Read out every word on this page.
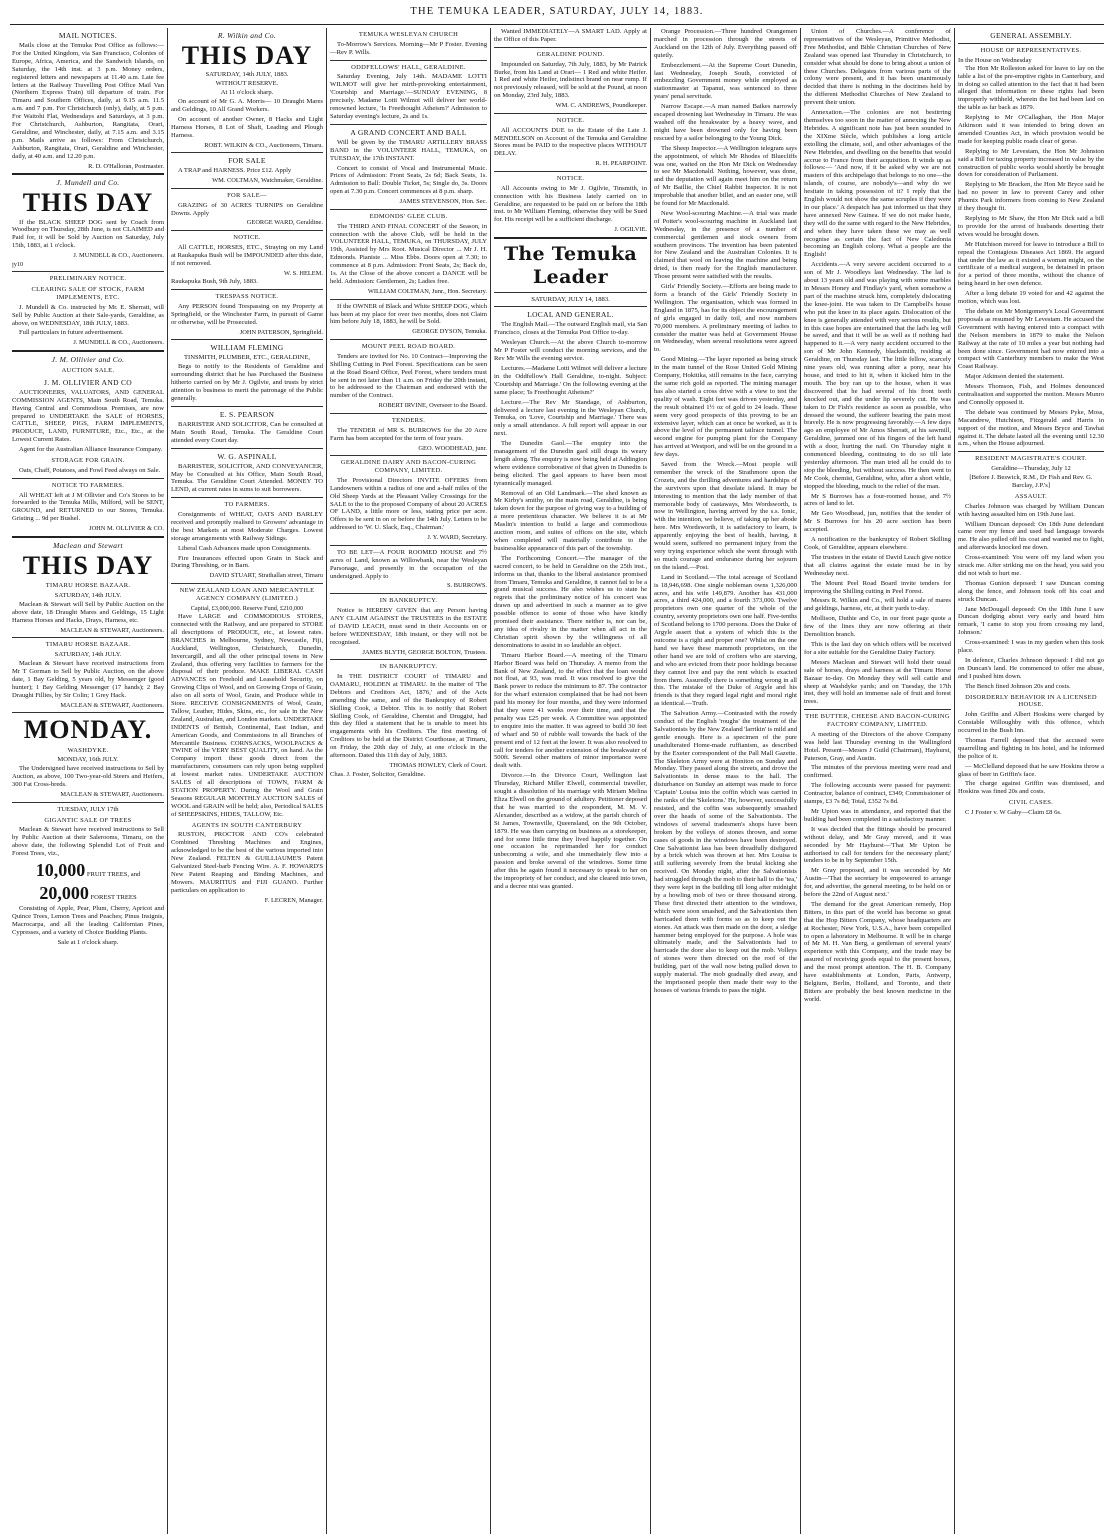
THE TEMUKA LEADER, SATURDAY, JULY 14, 1883.
MAIL NOTICES.

Mails close at the Temuka Post Office as follows:— For the United Kingdom, via San Francisco, Colonies of Europe, Africa, America, and the Sandwich Islands, on Saturday, the 14th inst. at 3 p.m. Money orders, registered letters and newspapers at 11.40 a.m. Late fee letters at the Railway Travelling Post Office Mail Van (Northern Express Train) till departure of train. For Timaru and Southern Offices, daily, at 9.15 a.m. 11.5 a.m. and 7 p.m. For Christchurch (only), daily, at 5 p.m. For Waitohi Flat, Wednesdays and Saturdays, at 3 p.m. For Christchurch, Ashburton, Rangitata, Orari, Geraldine, and Winchester, daily, at 7.15 a.m. and 3.15 p.m. Mails arrive as follows: From Christchurch, Ashburton, Rangitata, Orari, Geraldine and Winchester, daily, at 40 a.m. and 12.20 p.m.

R. D. O'Halloran, Postmaster.
J. Mundell and Co.
THIS DAY

If the BLACK SHEEP DOG sent by Coach from Woodbury on Thursday, 28th June, is not CLAIMED and Paid for, it will be Sold by Auction on Saturday, July 15th, 1883, at 1 o'clock.

J. MUNDELL & CO., Auctioneers.
jy10
PRELIMINARY NOTICE.
CLEARING SALE OF STOCK, FARM IMPLEMENTS, ETC.

J. Mundell & Co. instructed by Mr. E. Sherratt, will Sell by Public Auction at their Sale-yards, Geraldine, as above, on WEDNESDAY, 18th JULY, 1883.

Full particulars in future advertisement.

J. MUNDELL & CO., Auctioneers.
J. M. Ollivier and Co.
AUCTION SALE.
J. M. OLLIVIER AND CO

AUCTIONEERS, VALUATORS, AND GENERAL COMMISSION AGENTS, Main South Road, Temuka. Having Central and Commodious Premises, are now prepared to UNDERTAKE the SALE of HORSES, CATTLE, SHEEP, PIGS, FARM IMPLEMENTS, PRODUCE, LAND, FURNITURE, Etc., Etc., at the Lowest Current Rates.

Agent for the Australian Alliance Insurance Company.

STORAGE FOR GRAIN.

Oats, Chaff, Potatoes, and Fowl Feed always on Sale.

NOTICE TO FARMERS.

All WHEAT left at J M Ollivier and Co's Stores to be forwarded to the Temuka Mills, Milford, will be SENT, GROUND, and RETURNED to our Stores, Temuka. Gristing ... 9d per Bushel.

JOHN M. OLLIVIER & CO.
Maclean and Stewart
THIS DAY
TIMARU HORSE BAZAAR.
SATURDAY, 14th JULY.

Maclean & Stewart will Sell by Public Auction on the above date, 18 Draught Mares and Geldings, 15 Light Harness Horses and Hacks, Drays, Harness, etc.

MACLEAN & STEWART, Auctioneers.
TIMARU HORSE BAZAAR.
SATURDAY, 14th JULY.

Maclean & Stewart have received instructions from Mr T Gorman to Sell by Public Auction, on the above date, 1 Bay Gelding, 5 years old, by Messenger (good hunter); 1 Bay Gelding Messenger (17 hands); 2 Bay Draught Fillies, by Sir Colin; 1 Grey Hack.

MACLEAN & STEWART, Auctioneers.
MONDAY.
WASHDYKE.
MONDAY, 16th JULY.

The Undersigned have received instructions to Sell by Auction, as above, 100 Two-year-old Steers and Heifers, 300 Fat Cross-breds.

MACLEAN & STEWART, Auctioneers.
TUESDAY, JULY 17th
GIGANTIC SALE OF TREES

Maclean & Stewart have received instructions to Sell by Public Auction at their Salerooms, Timaru, on the above date, the following Splendid Lot of Fruit and Forest Trees, viz.,

10,000 FRUIT TREES, and
20,000 FOREST TREES

Consisting of Apple, Pear, Plum, Cherry, Apricot and Quince Trees, Lemon Trees and Peaches; Pinus Insignis, Macrocarpa, and all the leading Californian Pines, Cypresses, and a variety of Choice Budding Plants.

Sale at 1 o'clock sharp.
R. Wilkin and Co.
THIS DAY
SATURDAY, 14th JULY, 1883.
WITHOUT RESERVE.
At 11 o'clock sharp.

On account of Mr G. A. Morris— 10 Draught Mares and Geldings, 10 All Grand Workers.

On account of another Owner, 8 Hacks and Light Harness Horses, 8 Lot of Shaft, Leading and Plough Harness.

ROBT. WILKIN & CO., Auctioneers, Timaru.
FOR SALE

A TRAP and HARNESS. Price £12. Apply

WM. COLTMAN, Watchmaker, Geraldine.
FOR SALE—

GRAZING of 30 ACRES TURNIPS on Geraldine Downs. Apply

GEORGE WARD, Geraldine.
NOTICE.

All CATTLE, HORSES, ETC., Straying on my Land at Raukapuka Bush will be IMPOUNDED after this date, if not removed.

W. S. HELEM.
Raukapuka Bush, 9th July, 1883.
TRESPASS NOTICE.

Any PERSON found Trespassing on my Property at Springfield, or the Winchester Farm, in pursuit of Game or otherwise, will be Prosecuted.

JOHN PATERSON, Springfield.
WILLIAM FLEMING
TINSMITH, PLUMBER, ETC., GERALDINE,

Begs to notify to the Residents of Geraldine and surrounding district that he has Purchased the Business hitherto carried on by Mr J. Ogilvie, and trusts by strict attention to business to merit the patronage of the Public generally.

E. S. PEARSON

BARRISTER AND SOLICITOR, Can be consulted at Main South Road, Temuka. The Geraldine Court attended every Court day.

W. G. ASPINALL

BARRISTER, SOLICITOR, AND CONVEYANCER, May be Consulted at his Office, Main South Road, Temuka. The Geraldine Court Attended. MONEY TO LEND, at current rates in sums to suit borrowers.

TO FARMERS.

Consignments of WHEAT, OATS AND BARLEY received and promptly realised to Growers' advantage in the best Markets at most Moderate Charges. Lowest storage arrangements with Railway Sidings.

Liberal Cash Advances made upon Consignments.

Fire Insurances effected upon Grain in Stack and During Threshing, or in Barn.

DAVID STUART, Strathallan street, Timaru
NEW ZEALAND LOAN AND MERCANTILE AGENCY COMPANY (LIMITED.)
Capital, £3,000,000. Reserve Fund, £210,000

Have LARGE and COMMODIOUS STORES, connected with the Railway, and are prepared to STORE all descriptions of PRODUCE, etc., at lowest rates. BRANCHES in Melbourne, Sydney, Newcastle, Fiji, Auckland, Wellington, Christchurch, Dunedin, Invercargill, and all the other principal towns in New Zealand, thus offering very facilities to farmers for the disposal of their produce. MAKE LIBERAL CASH ADVANCES on Freehold and Leasehold Security, on Growing Clips of Wool, and on Growing Crops of Grain, also on all sorts of Wool, Grain, and Produce while in Store. RECEIVE CONSIGNMENTS of Wool, Grain, Tallow, Leather, Hides, Skins, etc., for sale in the New Zealand, Australian, and London markets. UNDERTAKE INDENTS of British, Continental, East Indian, and American Goods, and Commissions in all Branches of Mercantile Business. CORNSACKS, WOOLPACKS & TWINE of the VERY BEST QUALITY, on hand. As the Company import these goods direct from the manufacturers, consumers can rely upon being supplied at lowest market rates. UNDERTAKE AUCTION SALES of all descriptions of TOWN, FARM & STATION PROPERTY. During the Wool and Grain Seasons REGULAR MONTHLY AUCTION SALES of WOOL and GRAIN will be held; also, Periodical SALES of SHEEPSKINS, HIDES, TALLOW, Etc.

AGENTS IN SOUTH CANTERBURY

RUSTON, PROCTOR AND CO's celebrated Combined Threshing Machines and Engines, acknowledged to be the best of the various imported into New Zealand. FELTEN & GUILLIAUME'S Patent Galvanized Steel-barb Fencing Wire. A. F. HOWARD'S New Patent Reaping and Binding Machines, and Mowers. MAURITIUS and FIJI GUANO. Further particulars on application to

F. LECREN, Manager.
TEMUKA WESLEYAN CHURCH

To-Morrow's Services. Morning—Mr P Foster. Evening—Rev P. Wills.

ODDFELLOWS' HALL, GERALDINE.

Saturday Evening, July 14th. MADAME LOTTI WILMOT will give her mirth-provoking entertainment, 'Courtship and Marriage.'—SUNDAY EVENING, 8 precisely. Madame Lotti Wilmot will deliver her world-renowned lecture, 'Is Freethought Atheism?' Admission to Saturday evening's lecture, 2s and 1s.

A GRAND CONCERT AND BALL

Will be given by the TIMARU ARTILLERY BRASS BAND in the VOLUNTEER HALL, TEMUKA, on TUESDAY, the 17th INSTANT.

Concert to consist of Vocal and Instrumental Music. Prices of Admission: Front Seats, 2s 6d; Back Seats, 1s. Admission to Ball: Double Ticket, 5s; Single do, 3s. Doors open at 7.30 p.m. Concert commences at 8 p.m. sharp.

JAMES STEVENSON, Hon. Sec.
EDMONDS' GLEE CLUB.

The THIRD AND FINAL CONCERT of the Season, in connection with the above Club, will be held in the VOLUNTEER HALL, TEMUKA, on THURSDAY, JULY 19th, Assisted by Mrs Root. Musical Director ... Mr J. H. Edmonds. Pianiste ... Miss Ebbs. Doors open at 7.30; to commence at 8 p.m. Admission: Front Seats, 2s; Back do, 1s. At the Close of the above concert a DANCE will be held. Admission: Gentlemen, 2s; Ladies free.

WILLIAM COLTMAN, Junr., Hon. Secretary.

If the OWNER of Black and White SHEEP DOG, which has been at my place for over two months, does not Claim him before July 18, 1883, he will be Sold.

GEORGE DYSON, Temuka.
MOUNT PEEL ROAD BOARD.

Tenders are invited for No. 10 Contract—Improving the Shilling Cutting in Peel Forest. Specifications can be seen at the Road Board Office, Peel Forest, where tenders must be sent in not later than 11 a.m. on Friday the 20th instant, to be addressed to the Chairman and endorsed with the number of the Contract.

ROBERT IRVINE, Overseer to the Board.
TENDERS.

The TENDER of MR S. BURROWS for the 20 Acre Farm has been accepted for the term of four years.

GEO. WOODHEAD, junr.
GERALDINE DAIRY AND BACON-CURING COMPANY, LIMITED.

The Provisional Directors INVITE OFFERS from Landowners within a radius of one and a-half miles of the Old Sheep Yards at the Pleasant Valley Crossings for the SALE to the to the proposed Company of about 20 ACRES OF LAND, a little more or less, stating price per acre. Offers to be sent in on or before the 14th July. Letters to be addressed to 'W. U. Slack, Esq., Chairman.'

J. Y. WARD, Secretary.

TO BE LET—A FOUR ROOMED HOUSE and 7½ acres of Land, known as Willowbank, near the Wesleyan Parsonage, and presently in the occupation of the undersigned. Apply to

S. BURROWS.
IN BANKRUPTCY.

Notice is HEREBY GIVEN that any Person having ANY CLAIM AGAINST the TRUSTEES in the ESTATE of DAVID LEACH, must send in their Accounts on or before WEDNESDAY, 18th instant, or they will not be recognised.

JAMES BLYTH, GEORGE BOLTON, Trustees.
IN BANKRUPTCY.

In THE DISTRICT COURT of TIMARU and OAMARU, HOLDEN at TIMARU. In the matter of 'The Debtors and Creditors Act, 1876,' and of the Acts amending the same, and of the Bankruptcy of Robert Skilling Cook, a Debtor. This is to notify that Robert Skilling Cook, of Geraldine, Chemist and Druggist, had this day filed a statement that he is unable to meet his engagements with his Creditors. The first meeting of Creditors to be held at the District Courthouse, at Timaru, on Friday, the 20th day of July, at one o'clock in the afternoon. Dated this 11th day of July, 1883.

THOMAS HOWLEY, Clerk of Court.
Chas. J. Foster, Solicitor, Geraldine.

Wanted IMMEDIATELY—A SMART LAD. Apply at the Office of this Paper.

GERALDINE POUND.

Impounded on Saturday, 7th July, 1883, by Mr Patrick Burke, from his Land at Orari— 1 Red and white Heifer. 1 Red and white Heifer, indistinct brand on near rump. If not previously released, will be sold at the Pound, at noon on Monday, 23rd July, 1883.

WM. C. ANDREWS, Poundkeeper.
NOTICE.

All ACCOUNTS DUE to the Estate of the Late J. MENDELSON on Account of the Temuka and Geraldine Stores must be PAID to the respective places WITHOUT DELAY.

R. H. PEARPOINT.
NOTICE.

All Accounts owing to Mr J. Ogilvie, Tinsmith, in connection with his Business lately carried on in Geraldine, are requested to be paid on or before the 18th inst. to Mr William Fleming, otherwise they will be Sued for. His receipt will be a sufficient discharge.

J. OGILVIE.
The Temuka Leader
SATURDAY, JULY 14, 1883.
LOCAL AND GENERAL.

The English Mail.—The outward English mail, via San Francisco, closes at the Temuka Post Office to-day.

Wesleyan Church.—At the above Church to-morrow Mr P Foster will conduct the morning services, and the Rev Mr Wills the evening service.

Lectures.—Madame Lotti Wilmot will deliver a lecture in the Oddfellow's Hall Geraldine, to-night. Subject: 'Courtship and Marriage.' On the following evening at the same place; 'Is Freethought Atheism?'

Lecture.—The Rev Mr Standage, of Ashburton, delivered a lecture last evening in the Wesleyan Church, Temuka, on 'Love, Courtship and Marriage.' There was only a small attendance. A full report will appear in our next.

The Dunedin Gaol.—The enquiry into the management of the Dunedin gaol still drags its weary length along. The enquiry is now being held at Addington where evidence corroborative of that given in Dunedin is being elicited. The gaol appears to have been most tyrannically managed.

Removal of an Old Landmark.—The shed known as Mr Kirby's smithy, on the main road, Geraldine, is being taken down for the purpose of giving way to a building of a more pretentious character. We believe it is at Mr Maslin's intention to build a large and commodious auction room, and suites of offices on the site, which when completed will materially contribute to the businesslike appearance of this part of the township.

The Forthcoming Concert.—The manager of the sacred concert, to be held in Geraldine on the 25th inst., informs us that, thanks to the liberal assistance promised from Timaru, Temuka and Geraldine, it cannot fail to be a grand musical success. He also wishes us to state he regrets that the preliminary notice of his concert was drawn up and advertised in such a manner as to give possible offence to some of those who have kindly promised their assistance. There neither is, nor can be, any idea of rivalry in the matter when all act in the Christian spirit shown by the willingness of all denominations to assist in so laudable an object.

Timaru Harbor Board.—A meeting of the Timaru Harbor Board was held on Thursday. A memo from the Bank of New Zealand, to the effect that the loan would not float, at 93, was read. It was resolved to give the Bank power to reduce the minimum to 87. The contractor for the wharf extension complained that he had not been paid his money for four months, and they were informed that they were 41 weeks over their time, and that the penalty was £25 per week. A Committee was appointed to enquire into the matter. It was agreed to build 30 feet of wharf and 50 of rubble wall towards the back of the present end of 12 feet at the lower. It was also resolved to call for tenders for another extension of the breakwater of 500ft. Several other matters of minor importance were dealt with.

Divorce.—In the Divorce Court, Wellington last Thursday, Richard Miller Elwell, commercial traveller, sought a dissolution of his marriage with Miriam Melina Eliza Elwell on the ground of adultery. Petitioner deposed that he was married to the respondent, M. M. V. Alexander, described as a widow, at the parish church of St James, Townsville, Queensland, on the 9th October, 1879. He was then carrying on business as a storekeeper, and for some little time they lived happily together. On one occasion he reprimanded her for conduct unbecoming a wife, and she immediately flew into a passion and broke several of the windows. Some time after this he again found it necessary to speak to her on the impropriety of her conduct, and she cleared into town, and a decree nisi was granted.

Orange Procession.—Three hundred Orangemen marched in procession through the streets of Auckland on the 12th of July. Everything passed off quietly.

Embezzlement.—At the Supreme Court Dunedin, last Wednesday, Joseph South, convicted of embezzling Government money while employed as stationmaster at Tapanui, was sentenced to three years' penal servitude.

Narrow Escape.—A man named Baikes narrowly escaped drowning last Wednesday in Timaru. He was washed off the breakwater by a heavy wave, and might have been drowned only for having been rescued by a sailor belonging to the Young Dick.

The Sheep Inspector.—A Wellington telegram says the appointment, of which Mr Rhodes of Bluecliffs was one, waited on the Hon Mr Dick on Wednesday to see Mr Macdonald. Nothing, however, was done, and the deputation will again meet him on the return of Mr Baillie, the Chief Rabbit Inspector. It is not improbable that another billet, and an easier one, will be found for Mr Macdonald.

New Wool-scouring Machine.—A trial was made of Potter's wool-scouring machine in Auckland last Wednesday, in the presence of a number of commercial gentlemen and stock owners from southern provinces. The invention has been patented for New Zealand and the Australian Colonies. It is claimed that wool on leaving the machine and being dried, is then ready for the English manufacturer. Those present were satisfied with the results.

Girls' Friendly Society.—Efforts are being made to form a branch of the Girls' Friendly Society in Wellington. The organisation, which was formed in England in 1875, has for its object the encouragement of girls engaged in daily toil, and now numbers 70,000 members. A preliminary meeting of ladies to consider the matter was held at Government House on Wednesday, when several resolutions were agreed to.

Good Mining.—The layer reported as being struck in the main tunnel of the Rose United Gold Mining Company, Hokitika, still remains in the face, carrying the same rich gold as reported. The mining manager has also started a cross drive with a view to test the quality of wash. Eight feet was driven yesterday, and the result obtained 1½ oz of gold to 24 loads. These seem very good prospects of this proving to be an extensive layer, which can at once be worked, as it is above the level of the permanent tailrace tunnel. The second engine for pumping plant for the Company has arrived at Westport, and will be on the ground in a few days.

Saved from the Wreck.—Most people will remember the wreck of the Strathmore upon the Crozets, and the thrilling adventures and hardships of the survivors upon that desolate island. It may be interesting to mention that the lady member of that memorable body of castaways, Mrs Wordsworth, is now in Wellington, having arrived by the s.s. Ionic, with the intention, we believe, of taking up her abode here. Mrs Wordsworth, it is satisfactory to learn, is apparently enjoying the best of health, having, it would seem, suffered no permanent injury from the very trying experience which she went through with so much courage and endurance during her sojourn on the island.—Post.

Land in Scotland.—The total acreage of Scotland is 18,946,698. One single nobleman owns 1,326,000 acres, and his wife 149,879. Another has 431,000 acres, a third 424,000, and a fourth 373,000. Twelve proprietors own one quarter of the whole of the country, seventy proprietors own one half. Five-tenths of Scotland belong to 1700 persons. Does the Duke of Argyle assert that a system of which this is the outcome is a right and proper one? Whilst on the one hand we have these mammoth proprietors, on the other hand we are told of crofters who are starving, and who are evicted from their poor holdings because they cannot live and pay the rent which is exacted from them. Assuredly there is something wrong in all this. The mistake of the Duke of Argyle and his friends is that they regard legal right and moral right as identical.—Truth.

The Salvation Army.—Contrasted with the rowdy conduct of the English 'roughs' the treatment of the Salvationists by the New Zealand 'larrikin' is mild and gentle enough. Here is a specimen of the pure unadulterated Home-made ruffianism, as described by the Exeter correspondent of the Pall Mall Gazette. The Skeleton Army were at Honiton on Sunday and Monday. They passed along the streets, and drove the Salvationists in dense mass to the hall. The disturbance on Sunday an attempt was made to force 'Captain' Louisa into the coffin which was carried in the ranks of the 'Skeletons.' He, however, successfully resisted, and the coffin was subsequently smashed over the heads of some of the Salvationists. The windows of several tradesmen's shops have been broken by the volleys of stones thrown, and some cases of goods in the windows have been destroyed. One Salvationist lass has been dreadfully disfigured by a brick which was thrown at her. Mrs Louisa is still suffering severely from the brutal kicking she received. On Monday night, after the Salvationists had struggled through the mob to their hall to the 'tea,' they were kept in the building till long after midnight by a howling mob of two or three thousand strong. These first directed their attention to the windows, which were soon smashed, and the Salvationists then barricaded them with forms so as to keep out the stones. An attack was then made on the door, a sledge hammer being employed for the purpose. A hole was ultimately made, and the Salvationists had to barricade the door also to keep out the mob. Volleys of stones were then directed on the roof of the building, part of the wall now being pulled down to supply material. The mob gradually died away, and the imprisoned people then made their way to the houses of various friends to pass the night.

Union of Churches.—A conference of representatives of the Wesleyan, Primitive Methodist, Free Methodist, and Bible Christian Churches of New Zealand was opened last Thursday in Christchurch, to consider what should be done to bring about a union of these Churches. Delegates from various parts of the colony were present, and it has been unanimously decided that there is nothing in the doctrines held by the different Methodist Churches of New Zealand to prevent their union.

Annexation.—The colonies are not bestirring themselves too soon in the matter of annexing the New Hebrides. A significant note has just been sounded in the XIXme Siècle, which publishes a long article extolling the climate, soil, and other advantages of the New Hebrides, and dwelling on the benefits that would accrue to France from their acquisition. It winds up as follows:— 'And now, if it be asked why we are not masters of this archipelago that belongs to no one—the islands, of course, are nobody's—and why do we hesitate in taking possession of it? I reply that the English would not show the same scruples if they were in our place.' A despatch has just informed us that they have annexed New Guinea. If we do not make haste, they will do the same with regard to the New Hebrides, and when they have taken these we may as well recognise as certain the fact of New Caledonia becoming an English colony. What a people are the English!

Accidents.—A very severe accident occurred to a son of Mr J. Woodleys last Wednesday. The lad is about 13 years old and was playing with some marbles in Messrs Honey and Findlay's yard, when somehow a part of the machine struck him, completely dislocating the knee-joint. He was taken to Dr Campbell's house who put the knee in its place again. Dislocation of the knee is generally attended with very serious results, but in this case hopes are entertained that the lad's leg will be saved, and that it will be as well as if nothing had happened to it.—A very nasty accident occurred to the son of Mr John Kennedy, blacksmith, residing at Geraldine, on Thursday last. The little fellow, scarcely nine years old, was running after a pony, near his house, and tried to hit it, when it kicked him in the mouth. The boy ran up to the house, when it was discovered that he had several of his front teeth knocked out, and the under lip severely cut. He was taken to Dr Fish's residence as soon as possible, who dressed the wound, the sufferer bearing the pain most bravely. He is now progressing favorably.—A few days ago an employee of Mr Amos Sherratt, at his sawmill, Geraldine, jammed one of his fingers of the left hand with a door, hurting the nail. On Thursday night it commenced bleeding, continuing to do so till late yesterday afternoon. The man tried all he could do to stop the bleeding, but without success. He then went to Mr Cook, chemist, Geraldine, who, after a short while, stopped the bleeding, much to the relief of the man.

Mr S Burrows has a four-roomed house, and 7½ acres of land to let.

Mr Geo Woodhead, jun, notifies that the tender of Mr S Burrows for his 20 acre section has been accepted.

A notification re the bankruptcy of Robert Skilling Cook, of Geraldine, appears elsewhere.

The trustees in the estate of David Leach give notice that all claims against the estate must be in by Wednesday next.

The Mount Peel Road Board invite tenders for improving the Shilling cutting in Peel Forest.

Messrs R. Wilkin and Co., will hold a sale of mares and geldings, harness, etc, at their yards to-day.

Mollison, Duthie and Co, in our front page quote a few of the lines they are now offering at their Demolition branch.

This is the last day on which offers will be received for a site suitable for the Geraldine Dairy Factory.

Messrs Maclean and Stewart will hold their usual sale of horses, drays and harness at the Timaru Horse Bazaar to-day. On Monday they will sell cattle and sheep at Washdyke yards; and on Tuesday, the 17th inst, they will hold an immense sale of fruit and forest trees.

THE BUTTER, CHEESE AND BACON-CURING FACTORY COMPANY, LIMITED.

A meeting of the Directors of the above Company was held last Thursday evening in the Wallingford Hotel. Present—Messrs J Guild (Chairman), Hayhurst, Paterson, Gray, and Austin.

The minutes of the previous meeting were read and confirmed.

The following accounts were passed for payment: Contractor, balance of contract, £349; Commissioner of stamps, £3 7s 8d; Total, £352 7s 8d.

Mr Upton was in attendance, and reported that the building had been completed in a satisfactory manner.

It was decided that the fittings should be procured without delay, and Mr Gray moved, and it was seconded by Mr Hayhurst—'That Mr Upton be authorised to call for tenders for the necessary plant;' tenders to be in by September 15th.

Mr Gray proposed, and it was seconded by Mr Austin—'That the secretary be empowered to arrange for, and advertise, the general meeting, to be held on or before the 22nd of August next.'

The demand for the great American remedy, Hop Bitters, in this part of the world has become so great that the Hop Bitters Company, whose headquarters are at Rochester, New York, U.S.A., have been compelled to open a laboratory in Melbourne. It will be in charge of Mr M. H. Van Berg, a gentleman of several years' experience with this Company, and the trade may be assured of receiving goods equal to the present boxes, and the most prompt attention. The H. B. Company have establishments at London, Paris, Antwerp, Belgium, Berlin, Holland, and Toronto, and their Bitters are probably the best known medicine in the world.

GENERAL ASSEMBLY.
HOUSE OF REPRESENTATIVES.
In the House on Wednesday

The Hon Mr Rolleston asked for leave to lay on the table a list of the pre-emptive rights in Canterbury, and in doing so called attention to the fact that it had been alleged that information re these rights had been improperly withheld, wherein the list had been laid on the table as far back as 1879.

Replying to Mr O'Callaghan, the Hon Major Atkinson said it was intended to bring down an amended Counties Act, in which provision would be made for keeping public roads clear of gorse.

Replying to Mr Levestam, the Hon Mr Johnston said a Bill for taxing property increased in value by the construction of public works would shortly be brought down for consideration of Parliament.

Replying to Mr Bracken, the Hon Mr Bryce said he had no power in law to prevent Carey and other Phœnix Park informers from coming to New Zealand if they thought fit.

Replying to Mr Shaw, the Hon Mr Dick said a bill to provide for the arrest of husbands deserting their wives would be brought down.

Mr Hutchison moved for leave to introduce a Bill to repeal the Contagious Diseases Act 1869. He argued that under the law as it existed a woman might, on the certificate of a medical surgeon, be detained in prison for a period of three months, without the chance of being heard in her own defence.

After a long debate 19 voted for and 42 against the motion, which was lost.

The debate on Mr Montgomery's Local Government proposals as resumed by Mr Levestam. He accused the Government with having entered into a compact with the Nelson members in 1879 to make the Nelson Railway at the rate of 10 miles a year but nothing had been done since. Government had now entered into a compact with Canterbury members to make the West Coast Railway.

Major Atkinson denied the statement.

Messrs Thomson, Fish, and Holmes denounced centralisation and supported the motion. Messrs Munro and Connolly opposed it.

The debate was continued by Messrs Pyke, Moss, Macandrew, Hutchison, Fitzgerald and Harris in support of the motion, and Messrs Bryce and Tawhai against it. The debate lasted all the evening until 12.30 a.m., when the House adjourned.

RESIDENT MAGISTRATE'S COURT.
Geraldine—Thursday, July 12
[Before J. Beswick, R.M., Dr Fish and Rev. G. Barclay, J.P.'s]
ASSAULT.

Charles Johnson was charged by William Duncan with having assaulted him on 19th June last.

William Duncan deposed: On 18th June defendant came over my fence and used bad language towards me. He also pulled off his coat and wanted me to fight, and afterwards knocked me down.

Cross-examined: You were off my land when you struck me. After striking me on the head, you said you did not wish to hurt me.

Thomas Gunion deposed: I saw Duncan coming along the fence, and Johnson took off his coat and struck Duncan.

Jane McDougall deposed: On the 18th June I saw Duncan dodging about very early and heard him remark, 'I came to stop you from crossing my land, Johnson.'

Cross-examined: I was in my garden when this took place.

In defence, Charles Johnson deposed: I did not go on Duncan's land. He commenced to offer me abuse, and I pushed him down.

The Bench fined Johnson 20s and costs.

DISORDERLY BEHAVIOR IN A LICENSED HOUSE.

John Griffin and Albert Hoskins were charged by Constable Willoughby with this offence, which occurred in the Bush Inn.

Thomas Farrell deposed that the accused were quarrelling and fighting in his hotel, and he informed the police of it.

— McClelland deposed that he saw Hoskins throw a glass of beer in Griffin's face.

The charge against Griffin was dismissed, and Hoskins was fined 20s and costs.

CIVIL CASES.

C J Foster v. W Gaby—Claim £8 6s.
